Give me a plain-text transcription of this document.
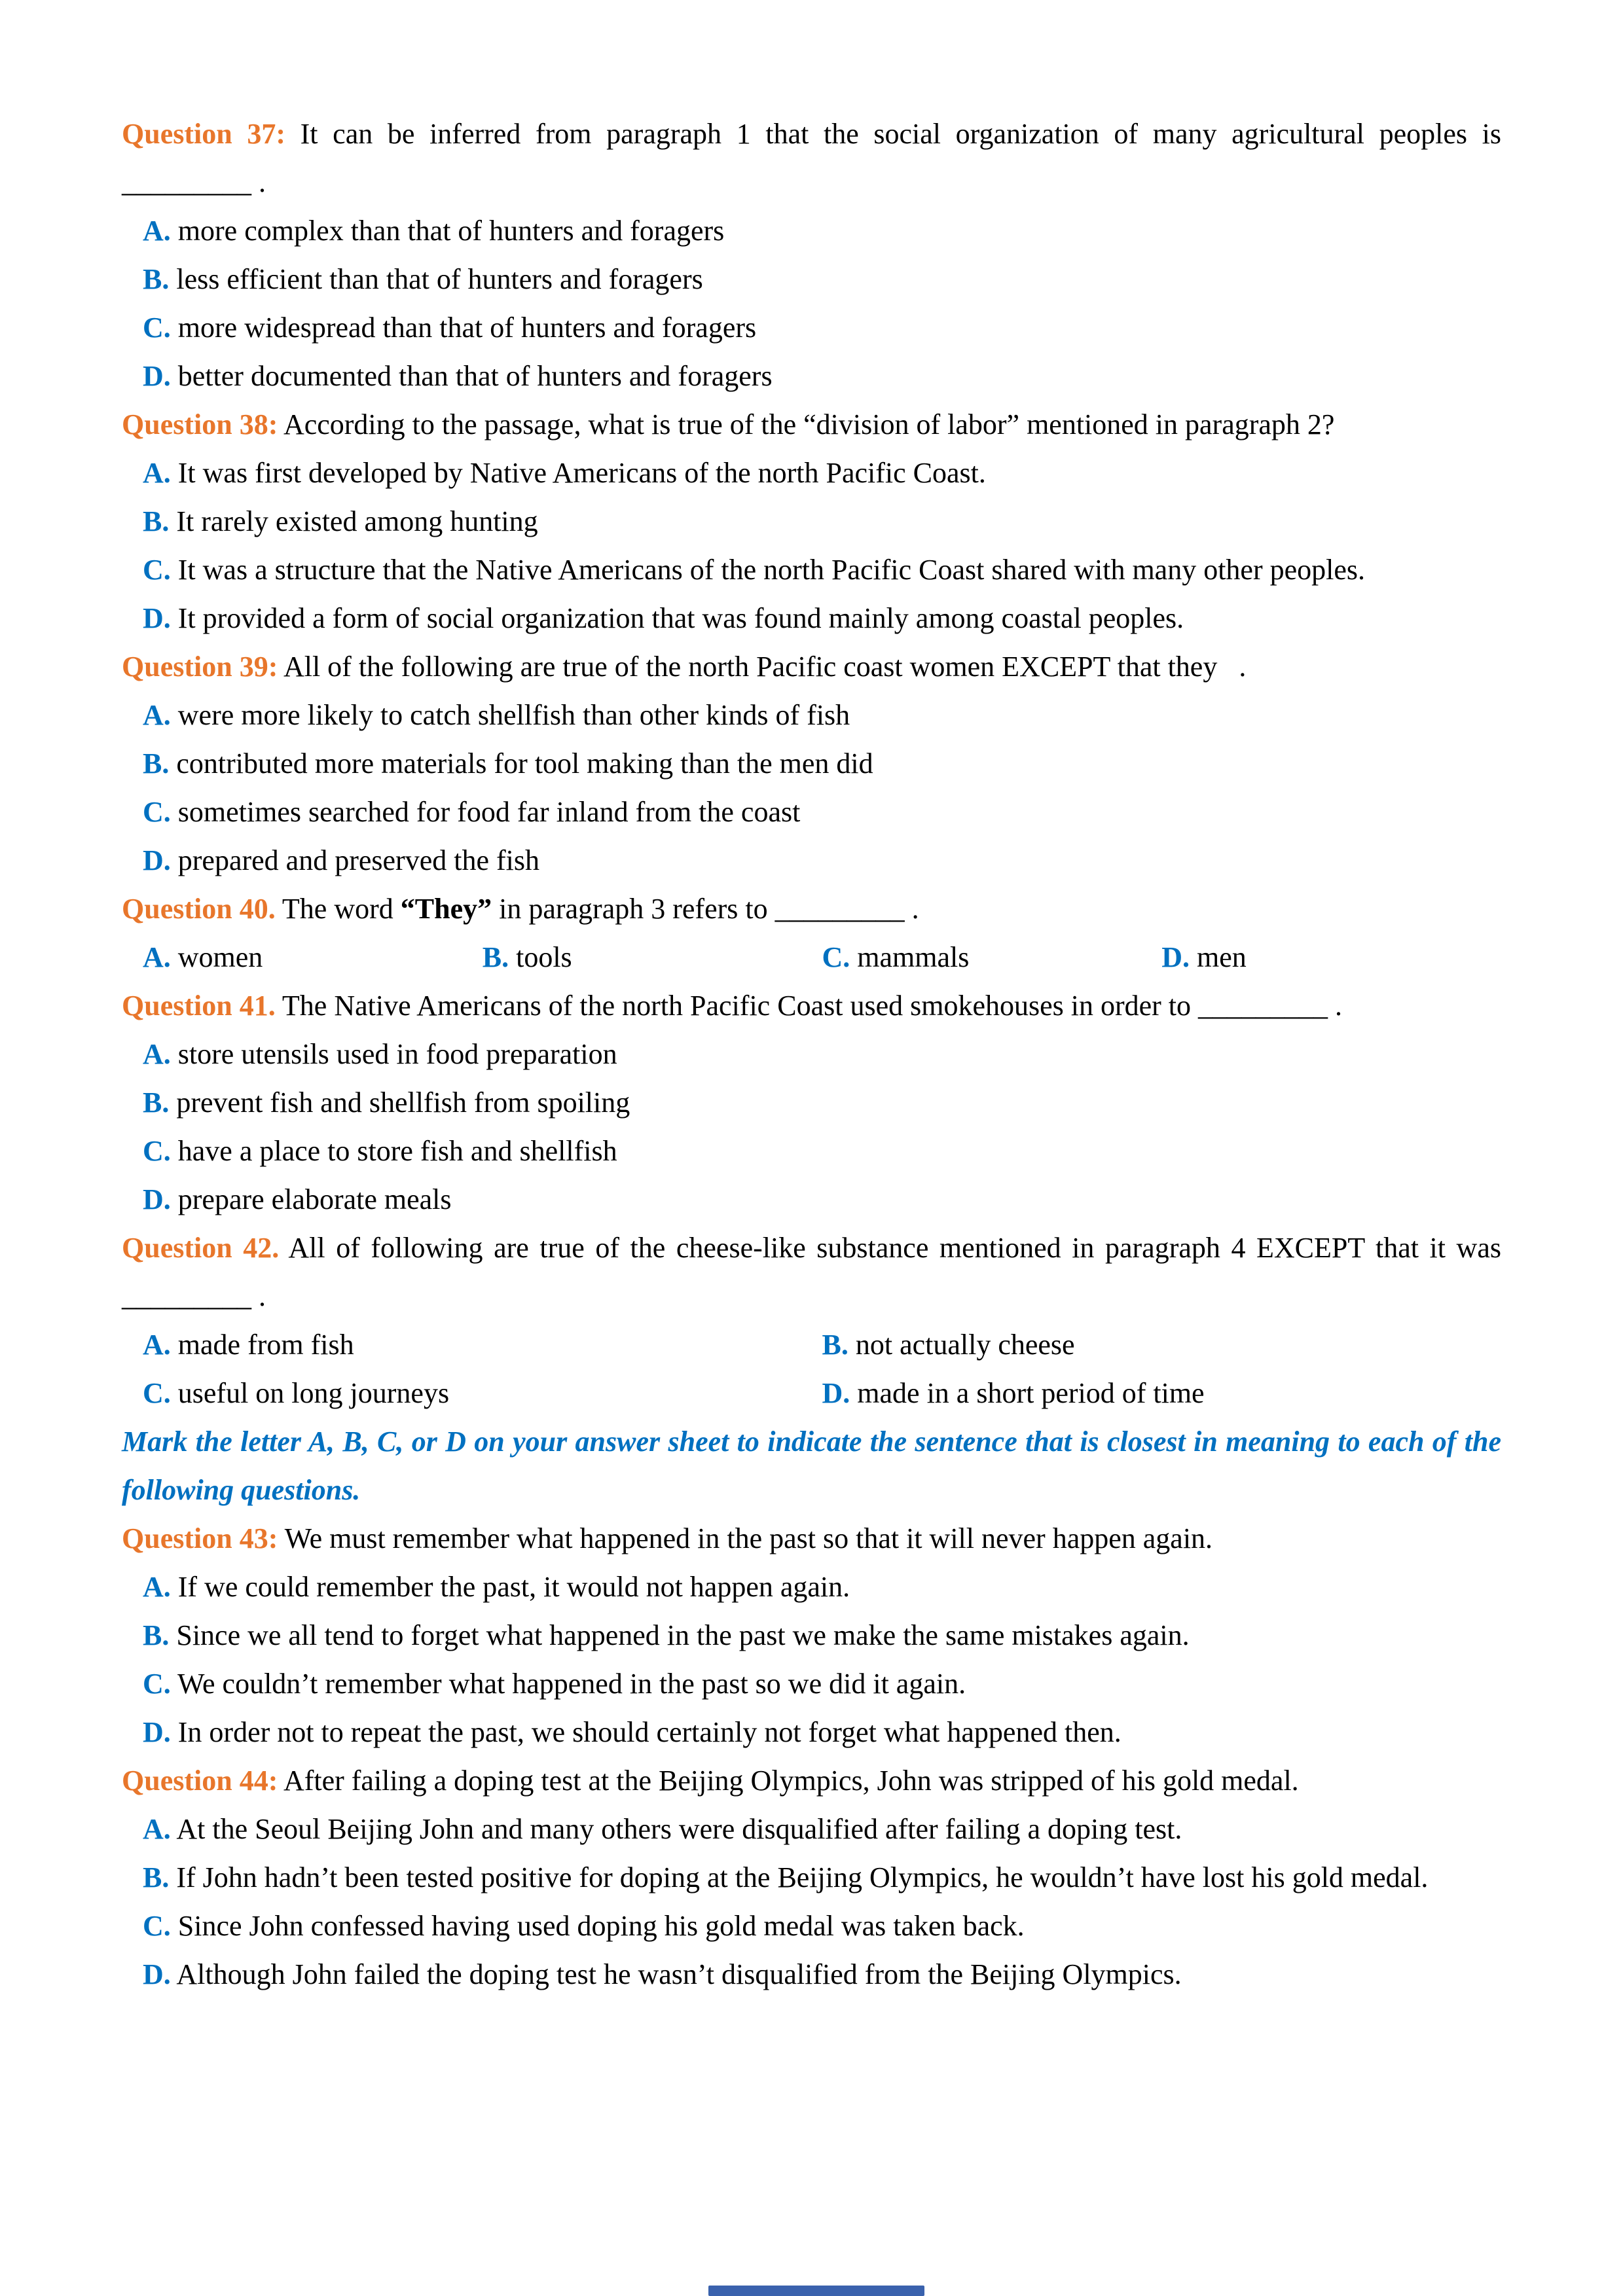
Question 37: It can be inferred from paragraph 1 that the social organization of many agricultural peoples is _________ .

A. more complex than that of hunters and foragers

B. less efficient than that of hunters and foragers

C. more widespread than that of hunters and foragers

D. better documented than that of hunters and foragers

Question 38: According to the passage, what is true of the “division of labor” mentioned in paragraph 2?

A. It was first developed by Native Americans of the north Pacific Coast.

B. It rarely existed among hunting

C. It was a structure that the Native Americans of the north Pacific Coast shared with many other peoples.

D. It provided a form of social organization that was found mainly among coastal peoples.

Question 39: All of the following are true of the north Pacific coast women EXCEPT that they   .

A. were more likely to catch shellfish than other kinds of fish

B. contributed more materials for tool making than the men did

C. sometimes searched for food far inland from the coast

D. prepared and preserved the fish

Question 40. The word “They” in paragraph 3 refers to _________ .

A. women	B. tools	C. mammals	D. men

Question 41. The Native Americans of the north Pacific Coast used smokehouses in order to _________ .

A. store utensils used in food preparation

B. prevent fish and shellfish from spoiling

C. have a place to store fish and shellfish

D. prepare elaborate meals

Question 42. All of following are true of the cheese-like substance mentioned in paragraph 4 EXCEPT that it was _________ .

A. made from fish	B. not actually cheese
C. useful on long journeys	D. made in a short period of time

Mark the letter A, B, C, or D on your answer sheet to indicate the sentence that is closest in meaning to each of the following questions.

Question 43: We must remember what happened in the past so that it will never happen again.

A. If we could remember the past, it would not happen again.

B. Since we all tend to forget what happened in the past we make the same mistakes again.

C. We couldn’t remember what happened in the past so we did it again.

D. In order not to repeat the past, we should certainly not forget what happened then.

Question 44: After failing a doping test at the Beijing Olympics, John was stripped of his gold medal.

A. At the Seoul Beijing John and many others were disqualified after failing a doping test.

B. If John hadn’t been tested positive for doping at the Beijing Olympics, he wouldn’t have lost his gold medal.

C. Since John confessed having used doping his gold medal was taken back.

D. Although John failed the doping test he wasn’t disqualified from the Beijing Olympics.
